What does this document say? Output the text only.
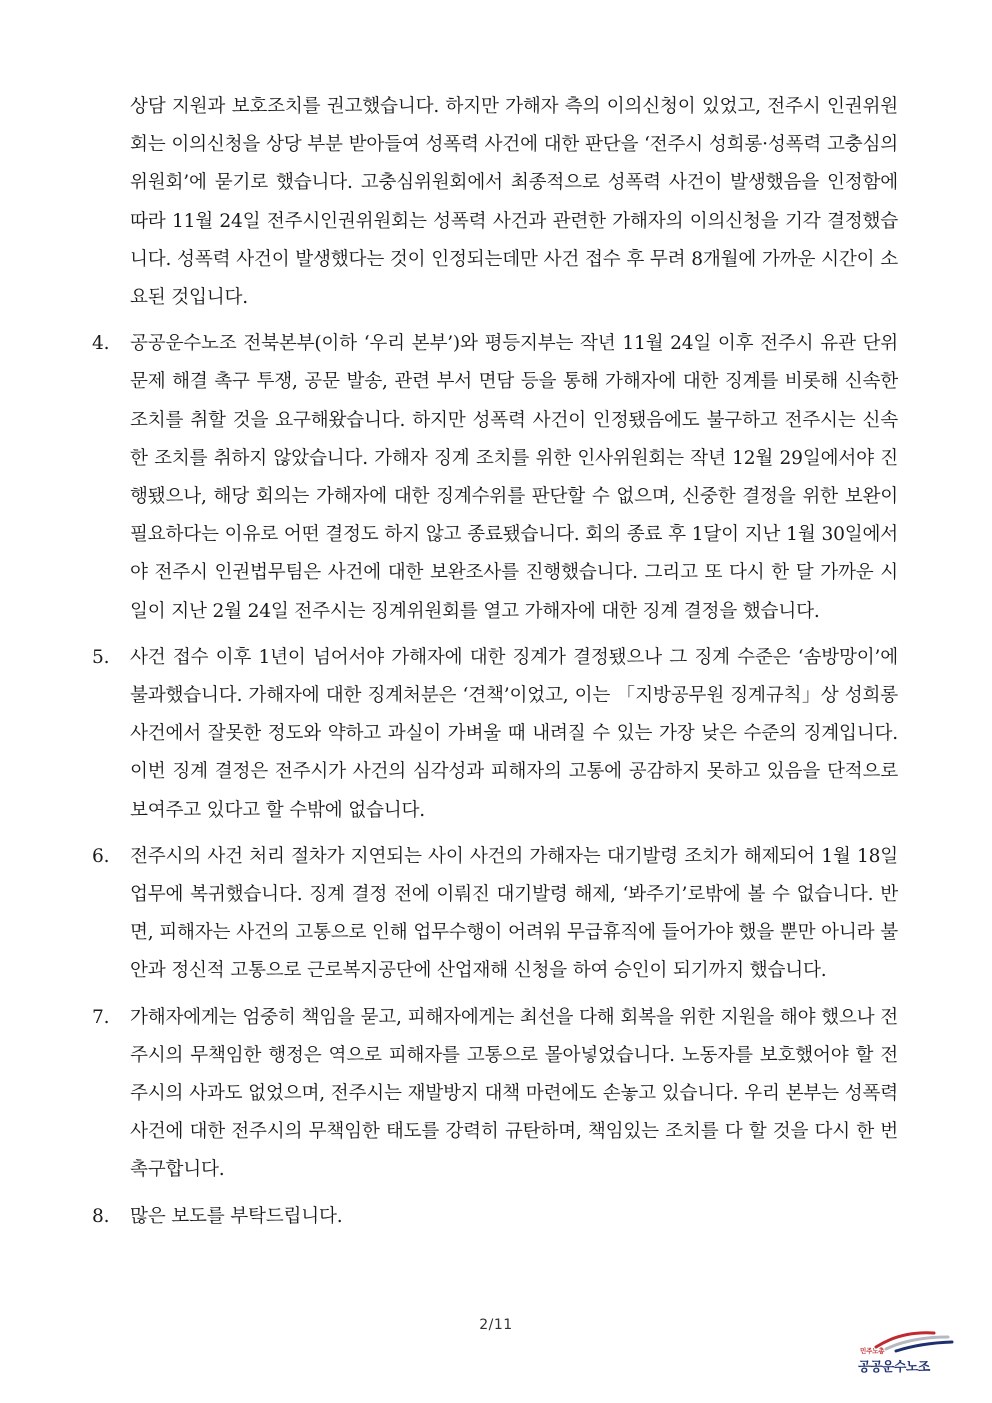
상담 지원과 보호조치를 권고했습니다. 하지만 가해자 측의 이의신청이 있었고, 전주시 인권위원회는 이의신청을 상당 부분 받아들여 성폭력 사건에 대한 판단을 ‘전주시 성희롱·성폭력 고충심의위원회’에 묻기로 했습니다. 고충심위원회에서 최종적으로 성폭력 사건이 발생했음을 인정함에 따라 11월 24일 전주시인권위원회는 성폭력 사건과 관련한 가해자의 이의신청을 기각 결정했습니다. 성폭력 사건이 발생했다는 것이 인정되는데만 사건 접수 후 무려 8개월에 가까운 시간이 소요된 것입니다.

4.	공공운수노조 전북본부(이하 ‘우리 본부’)와 평등지부는 작년 11월 24일 이후 전주시 유관 단위 문제 해결 촉구 투쟁, 공문 발송, 관련 부서 면담 등을 통해 가해자에 대한 징계를 비롯해 신속한 조치를 취할 것을 요구해왔습니다. 하지만 성폭력 사건이 인정됐음에도 불구하고 전주시는 신속한 조치를 취하지 않았습니다. 가해자 징계 조치를 위한 인사위원회는 작년 12월 29일에서야 진행됐으나, 해당 회의는 가해자에 대한 징계수위를 판단할 수 없으며, 신중한 결정을 위한 보완이 필요하다는 이유로 어떤 결정도 하지 않고 종료됐습니다. 회의 종료 후 1달이 지난 1월 30일에서야 전주시 인권법무팀은 사건에 대한 보완조사를 진행했습니다. 그리고 또 다시 한 달 가까운 시일이 지난 2월 24일 전주시는 징계위원회를 열고 가해자에 대한 징계 결정을 했습니다.

5.	사건 접수 이후 1년이 넘어서야 가해자에 대한 징계가 결정됐으나 그 징계 수준은 ‘솜방망이’에 불과했습니다. 가해자에 대한 징계처분은 ‘견책’이었고, 이는 「지방공무원 징계규칙」상 성희롱 사건에서 잘못한 정도와 약하고 과실이 가벼울 때 내려질 수 있는 가장 낮은 수준의 징계입니다. 이번 징계 결정은 전주시가 사건의 심각성과 피해자의 고통에 공감하지 못하고 있음을 단적으로 보여주고 있다고 할 수밖에 없습니다.

6.	전주시의 사건 처리 절차가 지연되는 사이 사건의 가해자는 대기발령 조치가 해제되어 1월 18일 업무에 복귀했습니다. 징계 결정 전에 이뤄진 대기발령 해제, ‘봐주기’로밖에 볼 수 없습니다. 반면, 피해자는 사건의 고통으로 인해 업무수행이 어려워 무급휴직에 들어가야 했을 뿐만 아니라 불안과 정신적 고통으로 근로복지공단에 산업재해 신청을 하여 승인이 되기까지 했습니다.

7.	가해자에게는 엄중히 책임을 묻고, 피해자에게는 최선을 다해 회복을 위한 지원을 해야 했으나 전주시의 무책임한 행정은 역으로 피해자를 고통으로 몰아넣었습니다. 노동자를 보호했어야 할 전주시의 사과도 없었으며, 전주시는 재발방지 대책 마련에도 손놓고 있습니다. 우리 본부는 성폭력 사건에 대한 전주시의 무책임한 태도를 강력히 규탄하며, 책임있는 조치를 다 할 것을 다시 한 번 촉구합니다.

8.	많은 보도를 부탁드립니다.

2/11
민주노총
공공운수노조
